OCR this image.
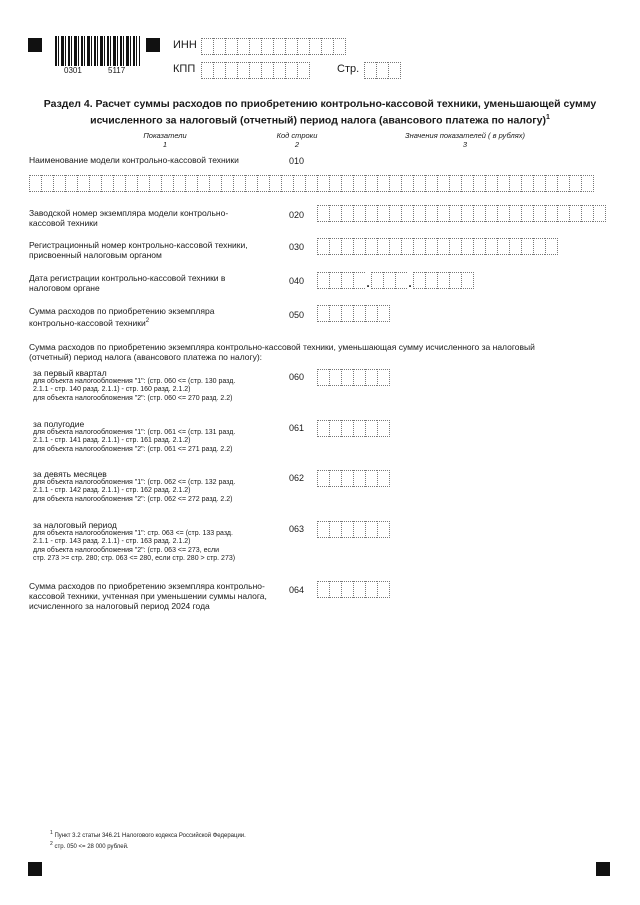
0301	5117
ИНН
КПП	Стр.
Раздел 4. Расчет суммы расходов по приобретению контрольно-кассовой техники, уменьшающей сумму
исчисленного за налоговый (отчетный) период налога (авансового платежа по налогу)$^1$
Показатели
1
Код строки
2
Значения показателей ( в рублях)
3
Наименование модели контрольно-кассовой техники	010
Заводской номер экземпляра модели контрольно-
кассовой техники
020
Регистрационный номер контрольно-кассовой техники,
присвоенный налоговым органом
030
Дата регистрации контрольно-кассовой техники в
налоговом органе
040	.	.
Сумма расходов по приобретению экземпляра
контрольно-кассовой техники$^2$
050
Сумма расходов по приобретению экземпляра контрольно-кассовой техники, уменьшающая сумму исчисленного за налоговый
(отчетный) период налога (авансового платежа по налогу):
за первый квартал
для объекта налогообложения "1": (стр. 060 <= (стр. 130 разд.
2.1.1 - стр. 140 разд. 2.1.1) - стр. 160 разд. 2.1.2)
для объекта налогообложения "2": (стр. 060 <= 270 разд. 2.2)
060
за полугодие
для объекта налогообложения "1": (стр. 061 <= (стр. 131 разд.
2.1.1 - стр. 141 разд. 2.1.1) - стр. 161 разд. 2.1.2)
для объекта налогообложения "2": (стр. 061 <= 271 разд. 2.2)
061
за девять месяцев
для объекта налогообложения "1": (стр. 062 <= (стр. 132 разд.
2.1.1 - стр. 142 разд. 2.1.1) - стр. 162 разд. 2.1.2)
для объекта налогообложения "2": (стр. 062 <= 272 разд. 2.2)
062
за налоговый период
для объекта налогообложения "1": стр. 063 <= (стр. 133 разд.
2.1.1 - стр. 143 разд. 2.1.1) - стр. 163 разд. 2.1.2)
для объекта налогообложения "2": (стр. 063 <= 273, если
стр. 273 >= стр. 280; стр. 063 <= 280, если стр. 280 > стр. 273)
063
Сумма расходов по приобретению экземпляра контрольно-
кассовой техники, учтенная при уменьшении суммы налога,
исчисленного за налоговый период 2024 года
064
$^1$ Пункт 3.2 статьи 346.21 Налогового кодекса Российской Федерации.
$^2$ стр. 050 <= 28 000 рублей.
